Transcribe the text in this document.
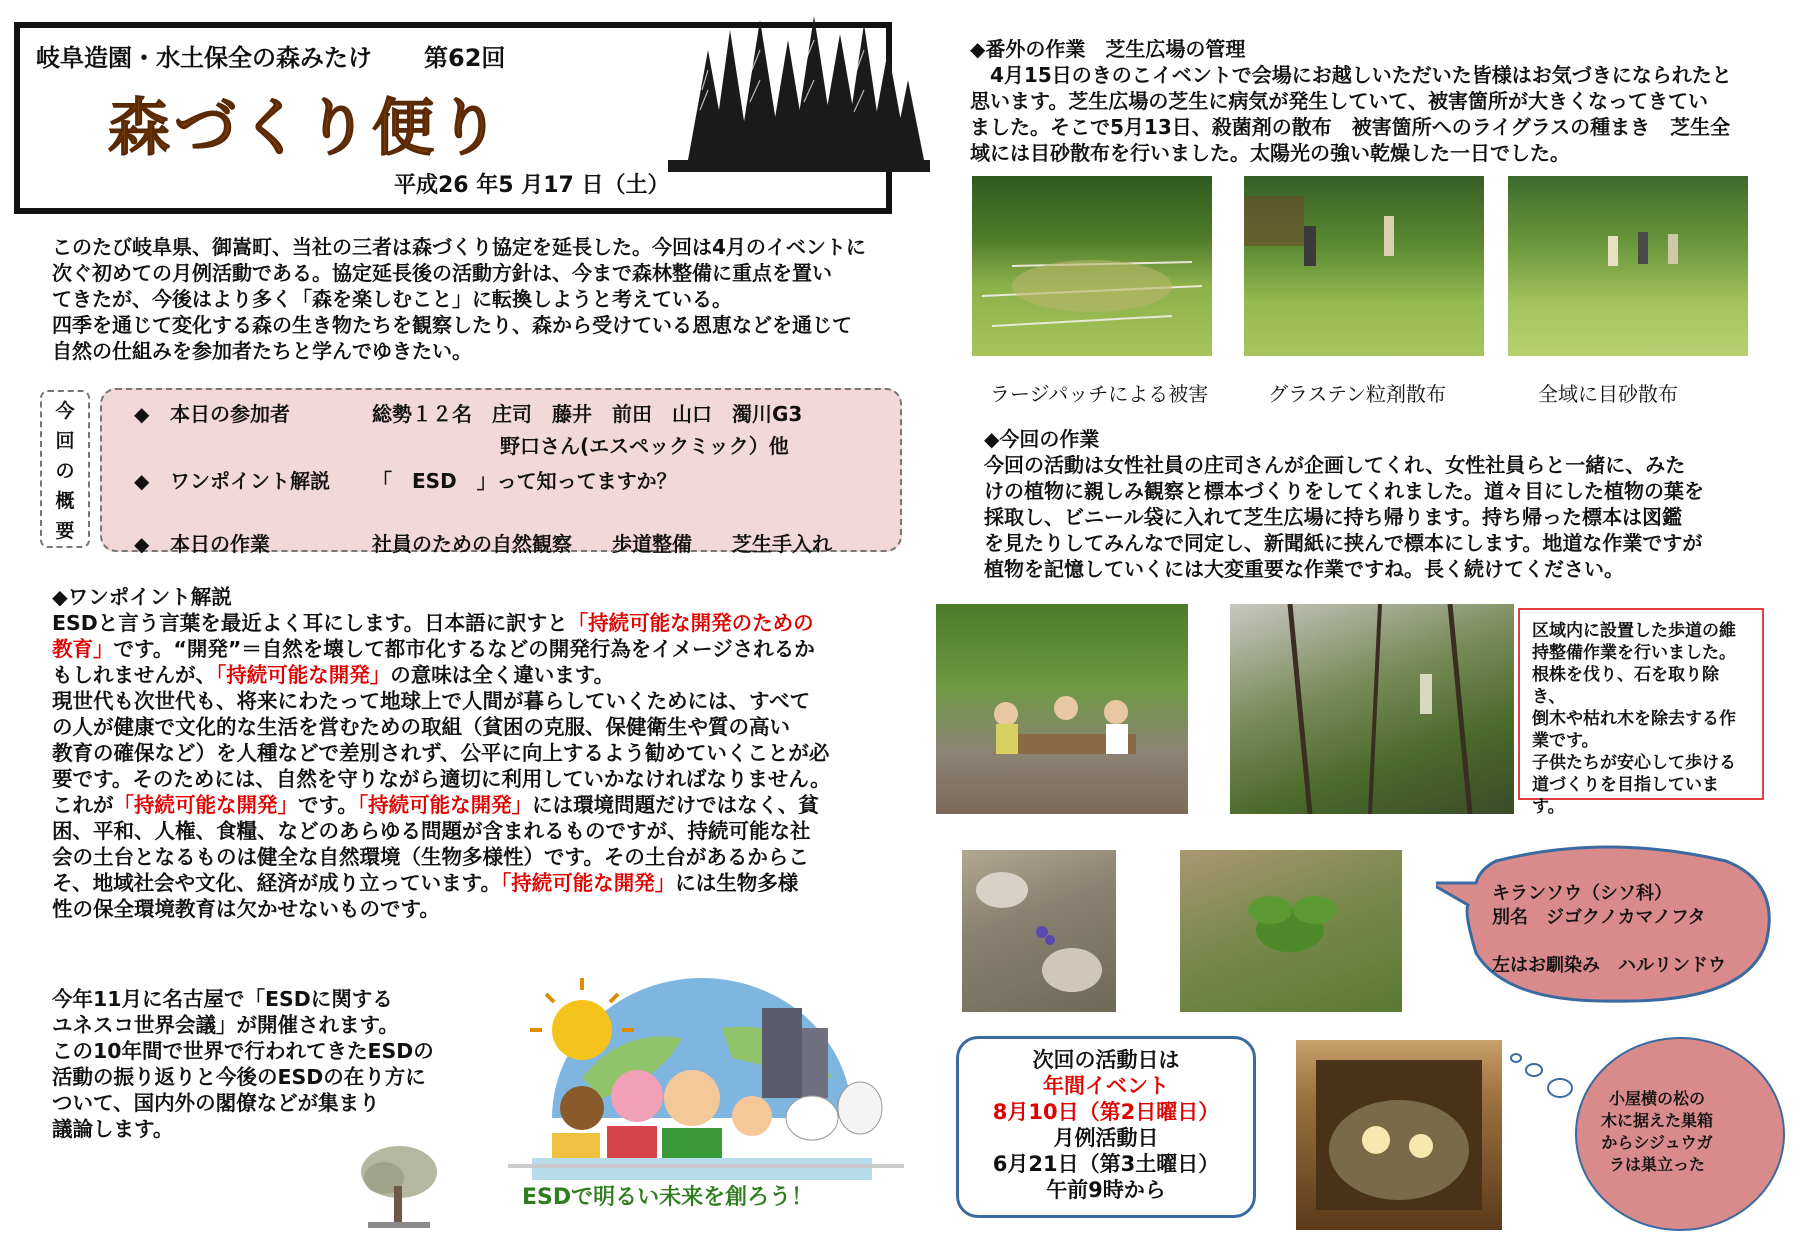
岐阜造園・水土保全の森みたけ 第62回
森づくり便り
平成26 年5 月17 日（土）

このたび岐阜県、御嵩町、当社の三者は森づくり協定を延長した。今回は4月のイベントに

次ぐ初めての月例活動である。協定延長後の活動方針は、今まで森林整備に重点を置い

てきたが、今後はより多く「森を楽しむこと」に転換しようと考えている。

四季を通じて変化する森の生き物たちを観察したり、森から受けている恩恵などを通じて

自然の仕組みを参加者たちと学んでゆきたい。

今
回
の
概
要
◆ 本日の参加者	総勢１２名　庄司　藤井　前田　山口　濁川G3
野口さん(エスペックミック）他
◆ ワンポイント解説 「　ESD　」って知ってますか？
◆ 本日の作業	社員のための自然観察　　歩道整備　　芝生手入れ

◆ワンポイント解説

ESDと言う言葉を最近よく耳にします。日本語に訳すと「持続可能な開発のための

教育」です。“開発”＝自然を壊して都市化するなどの開発行為をイメージされるか

もしれませんが、「持続可能な開発」の意味は全く違います。

現世代も次世代も、将来にわたって地球上で人間が暮らしていくためには、すべて

の人が健康で文化的な生活を営むための取組（貧困の克服、保健衛生や質の高い

教育の確保など）を人種などで差別されず、公平に向上するよう勧めていくことが必

要です。そのためには、自然を守りながら適切に利用していかなければなりません。

これが「持続可能な開発」です。「持続可能な開発」には環境問題だけではなく、貧

困、平和、人権、食糧、などのあらゆる問題が含まれるものですが、持続可能な社

会の土台となるものは健全な自然環境（生物多様性）です。その土台があるからこ

そ、地域社会や文化、経済が成り立っています。「持続可能な開発」には生物多様

性の保全環境教育は欠かせないものです。

今年11月に名古屋で「ESDに関する

ユネスコ世界会議」が開催されます。

この10年間で世界で行われてきたESDの

活動の振り返りと今後のESDの在り方に

ついて、国内外の閣僚などが集まり

議論します。

ESDで明るい未来を創ろう！

◆番外の作業　芝生広場の管理

　4月15日のきのこイベントで会場にお越しいただいた皆様はお気づきになられたと

思います。芝生広場の芝生に病気が発生していて、被害箇所が大きくなってきてい

ました。そこで5月13日、殺菌剤の散布　被害箇所へのライグラスの種まき　芝生全

域には目砂散布を行いました。太陽光の強い乾燥した一日でした。

ラージパッチによる被害	グラステン粒剤散布	全域に目砂散布

◆今回の作業

今回の活動は女性社員の庄司さんが企画してくれ、女性社員らと一緒に、みた

けの植物に親しみ観察と標本づくりをしてくれました。道々目にした植物の葉を

採取し、ビニール袋に入れて芝生広場に持ち帰ります。持ち帰った標本は図鑑

を見たりしてみんなで同定し、新聞紙に挟んで標本にします。地道な作業ですが

植物を記憶していくには大変重要な作業ですね。長く続けてください。

区域内に設置した歩道の維
持整備作業を行いました。
根株を伐り、石を取り除き、
倒木や枯れ木を除去する作
業です。
子供たちが安心して歩ける
道づくりを目指しています。
キランソウ（シソ科）
別名　ジゴクノカマノフタ
左はお馴染み　ハルリンドウ
次回の活動日は
年間イベント
8月10日（第2日曜日）
月例活動日
6月21日（第3土曜日）
午前9時から
小屋横の松の
木に据えた巣箱
からシジュウガ
ラは巣立った
